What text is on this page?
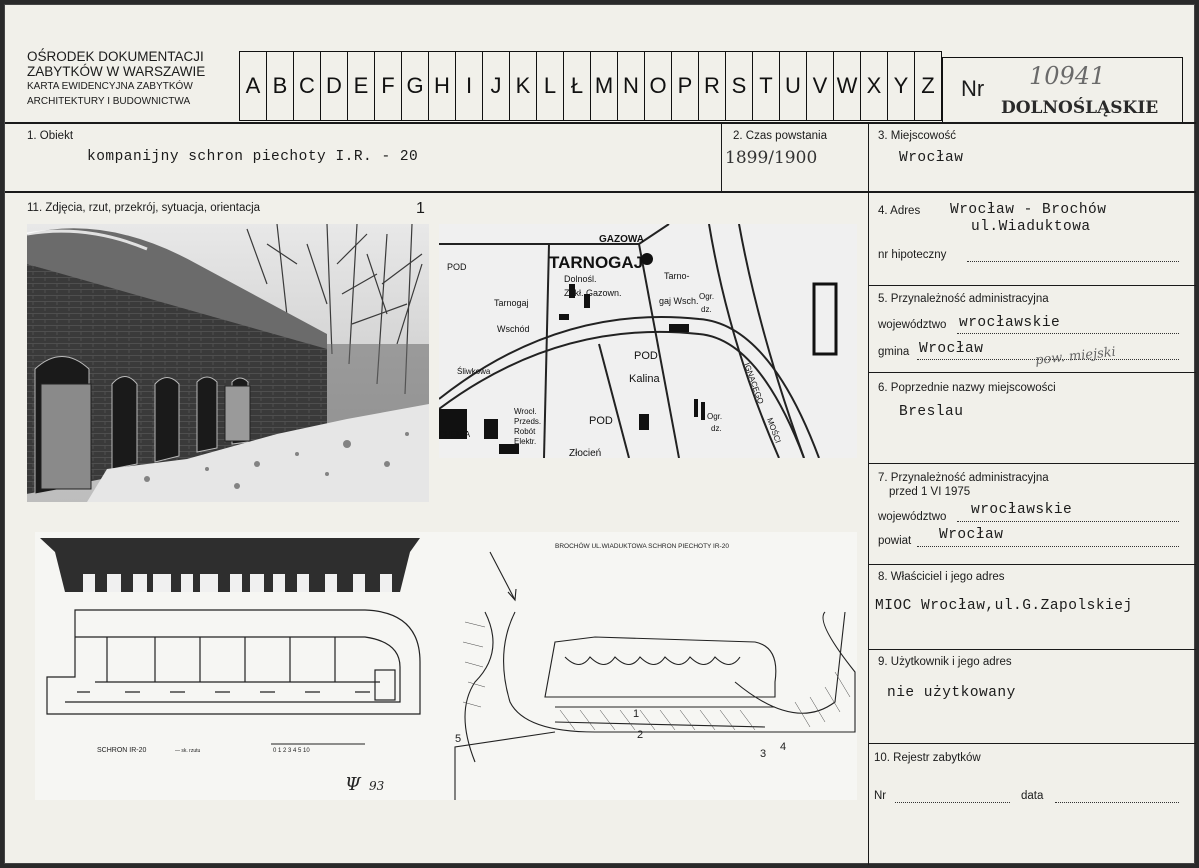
OŚRODEK DOKUMENTACJI
ZABYTKÓW W WARSZAWIE
KARTA EWIDENCYJNA ZABYTKÓW
ARCHITEKTURY I BUDOWNICTWA
A B C D E F G H I J K L Ł M N O P R S T U V W X Y Z Nr 10941
DOLNOŚLĄSKIE
1. Obiekt
kompanijny schron piechoty I.R. - 20
2. Czas powstania
1899/1900
3. Miejscowość
Wrocław
11. Zdjęcia, rzut, przekrój, sytuacja, orientacja	1
GAZOWA
TARNOGAJ
Dolnośl.
Zakł. Gazown.
POD
Tarno-
gaj Wsch.
Tarnogaj
Wschód
POD
Kalina
POD
Złocień
Śliwkowa
Wrocł.
Przeds.
Robót
Elektr.
CHEMIA
Ogr.
dz.
Ogr.
dz.
IGNACEGO
MOŚCI
SCHRON IR-20	— sk. rzutu	0 1 2 3 4 5 10
BROCHÓW UL.WIADUKTOWA SCHRON PIECHOTY IR-20
Ψ 93
1
2
3
4
5
4. Adres Wrocław - Brochów
ul.Wiaduktowa
nr hipoteczny
5. Przynależność administracyjna
województwo wrocławskie
gmina Wrocław	pow. miejski
6. Poprzednie nazwy miejscowości
Breslau
7. Przynależność administracyjna
przed 1 VI 1975
województwo wrocławskie
powiat Wrocław
8. Właściciel i jego adres
MIOC Wrocław,ul.G.Zapolskiej
9. Użytkownik i jego adres
nie użytkowany
10. Rejestr zabytków
Nr	data
